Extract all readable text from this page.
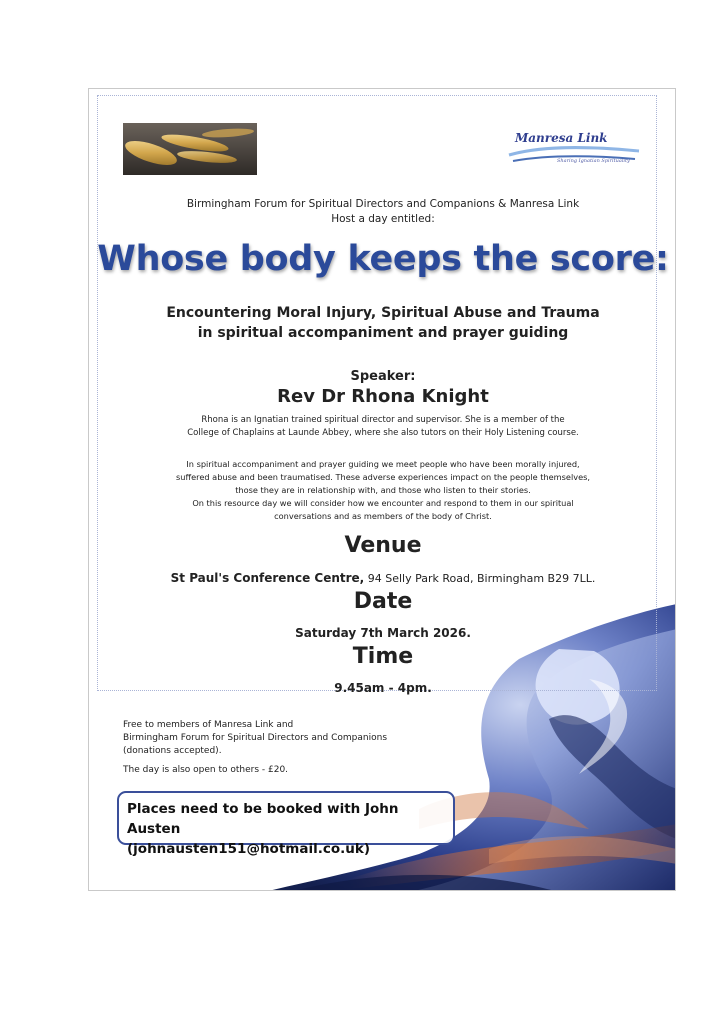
Manresa Link
Sharing Ignatian Spirituality
Birmingham Forum for Spiritual Directors and Companions & Manresa Link
Host a day entitled:
Whose body keeps the score:
Encountering Moral Injury, Spiritual Abuse and Trauma
in spiritual accompaniment and prayer guiding
Speaker:
Rev Dr Rhona Knight
Rhona is an Ignatian trained spiritual director and supervisor. She is a member of the
College of Chaplains at Launde Abbey, where she also tutors on their Holy Listening course.
In spiritual accompaniment and prayer guiding we meet people who have been morally injured,
suffered abuse and been traumatised. These adverse experiences impact on the people themselves,
those they are in relationship with, and those who listen to their stories.
On this resource day we will consider how we encounter and respond to them in our spiritual
conversations and as members of the body of Christ.
Venue
St Paul's Conference Centre, 94 Selly Park Road, Birmingham B29 7LL.
Date
Saturday 7th March 2026.
Time
9.45am - 4pm.
Free to members of Manresa Link and
Birmingham Forum for Spiritual Directors and Companions
(donations accepted).
The day is also open to others - £20.
Places need to be booked with John Austen
(johnausten151@hotmail.co.uk)
